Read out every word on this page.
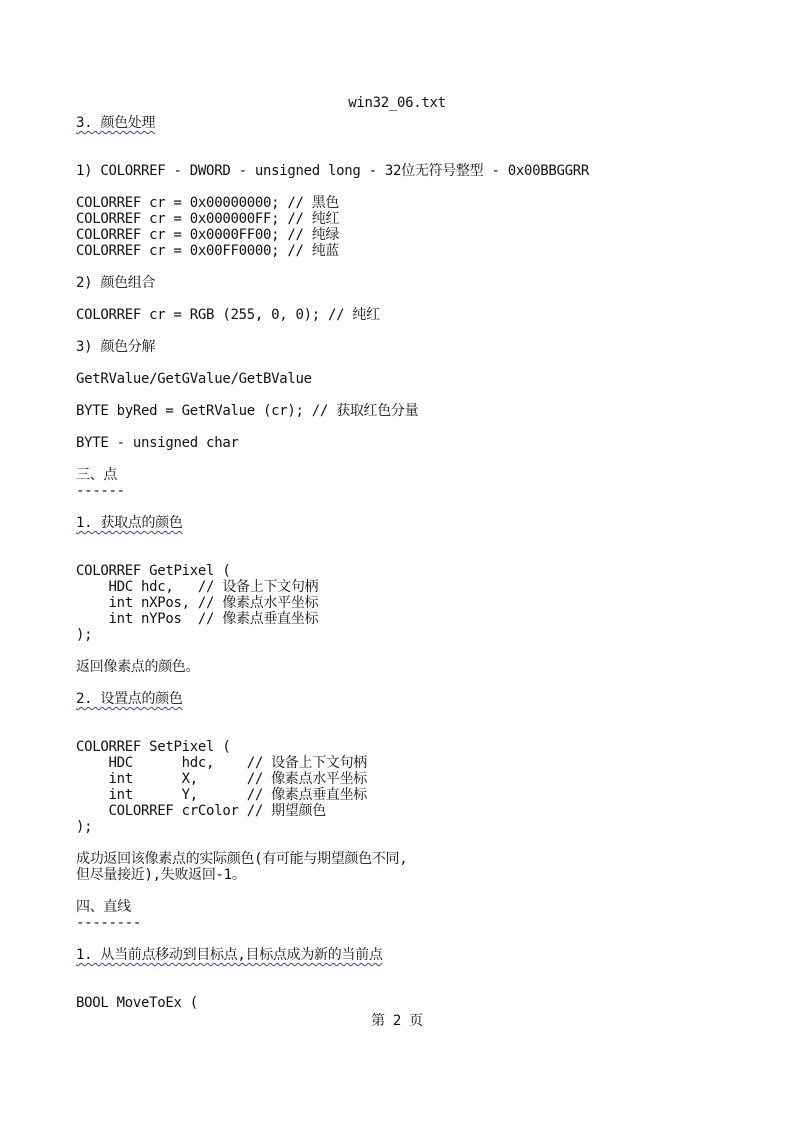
win32_06.txt
3. 颜色处理
1) COLORREF - DWORD - unsigned long - 32位无符号整型 - 0x00BBGGRR
COLORREF cr = 0x00000000; // 黑色
COLORREF cr = 0x000000FF; // 纯红
COLORREF cr = 0x0000FF00; // 纯绿
COLORREF cr = 0x00FF0000; // 纯蓝
2) 颜色组合
COLORREF cr = RGB (255, 0, 0); // 纯红
3) 颜色分解
GetRValue/GetGValue/GetBValue
BYTE byRed = GetRValue (cr); // 获取红色分量
BYTE - unsigned char
三、点
------
1. 获取点的颜色
COLORREF GetPixel (
HDC hdc,   // 设备上下文句柄
int nXPos, // 像素点水平坐标
int nYPos  // 像素点垂直坐标
);
返回像素点的颜色。
2. 设置点的颜色
COLORREF SetPixel (
HDC      hdc,    // 设备上下文句柄
int      X,      // 像素点水平坐标
int      Y,      // 像素点垂直坐标
COLORREF crColor // 期望颜色
);
成功返回该像素点的实际颜色(有可能与期望颜色不同,
但尽量接近),失败返回-1。
四、直线
--------
1. 从当前点移动到目标点,目标点成为新的当前点
BOOL MoveToEx (
第 2 页
